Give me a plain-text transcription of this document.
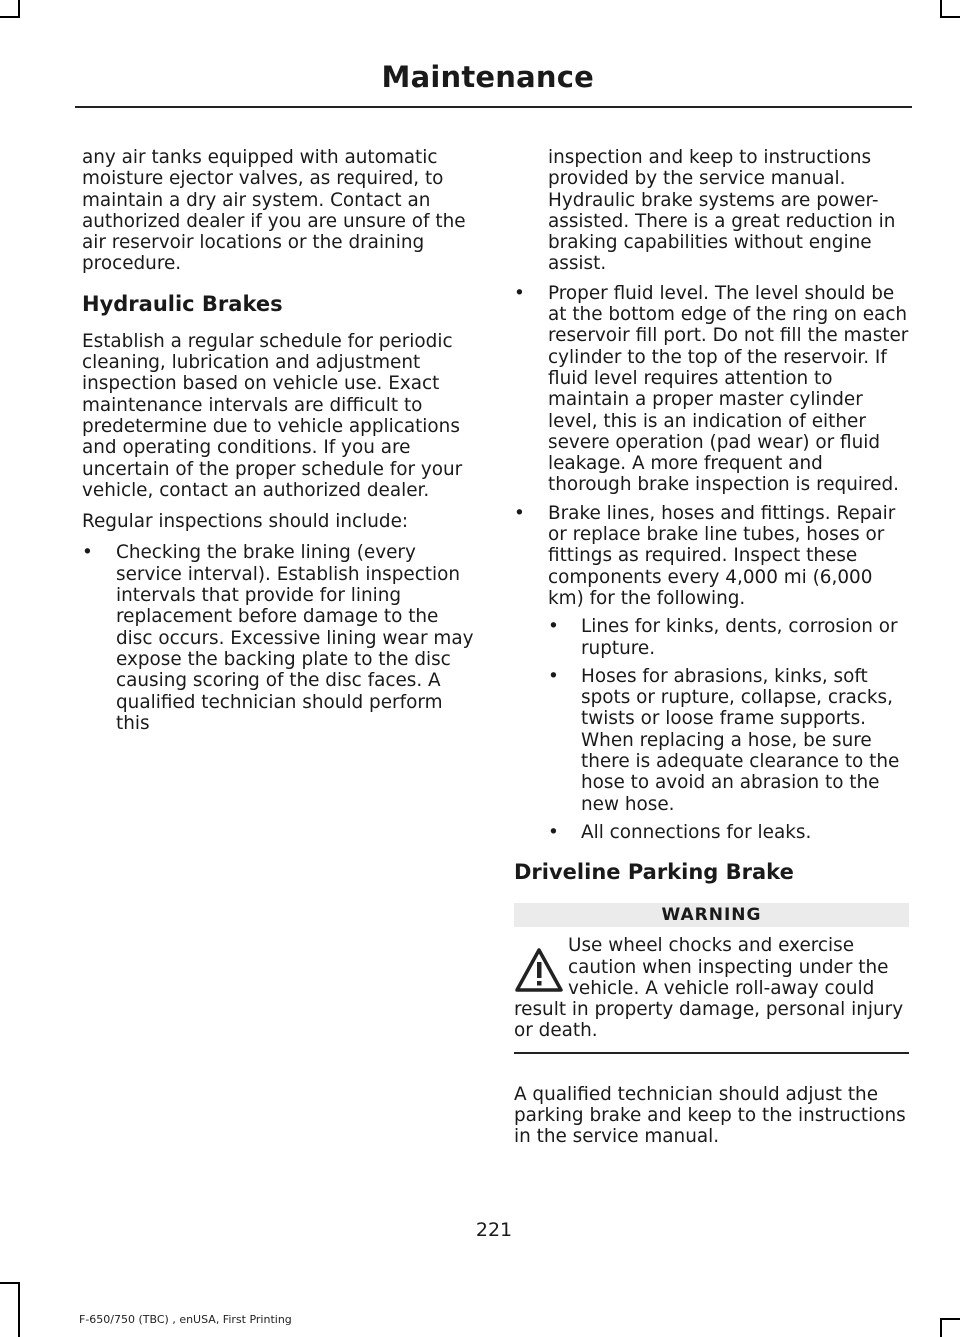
Maintenance

any air tanks equipped with automatic moisture ejector valves, as required, to maintain a dry air system. Contact an authorized dealer if you are unsure of the air reservoir locations or the draining procedure.

Hydraulic Brakes

Establish a regular schedule for periodic cleaning, lubrication and adjustment inspection based on vehicle use. Exact maintenance intervals are difficult to predetermine due to vehicle applications and operating conditions. If you are uncertain of the proper schedule for your vehicle, contact an authorized dealer.

Regular inspections should include:

• Checking the brake lining (every service interval). Establish inspection intervals that provide for lining replacement before damage to the disc occurs. Excessive lining wear may expose the backing plate to the disc causing scoring of the disc faces. A qualified technician should perform this

inspection and keep to instructions provided by the service manual. Hydraulic brake systems are power-assisted. There is a great reduction in braking capabilities without engine assist.

• Proper fluid level. The level should be at the bottom edge of the ring on each reservoir fill port. Do not fill the master cylinder to the top of the reservoir. If fluid level requires attention to maintain a proper master cylinder level, this is an indication of either severe operation (pad wear) or fluid leakage. A more frequent and thorough brake inspection is required.
• Brake lines, hoses and fittings. Repair or replace brake line tubes, hoses or fittings as required. Inspect these components every 4,000 mi (6,000 km) for the following.
• Lines for kinks, dents, corrosion or rupture.
• Hoses for abrasions, kinks, soft spots or rupture, collapse, cracks, twists or loose frame supports. When replacing a hose, be sure there is adequate clearance to the hose to avoid an abrasion to the new hose.
• All connections for leaks.
Driveline Parking Brake
WARNING

Use wheel chocks and exercise caution when inspecting under the vehicle. A vehicle roll-away could result in property damage, personal injury or death.

A qualified technician should adjust the parking brake and keep to the instructions in the service manual.

221
F-650/750 (TBC) , enUSA, First Printing
